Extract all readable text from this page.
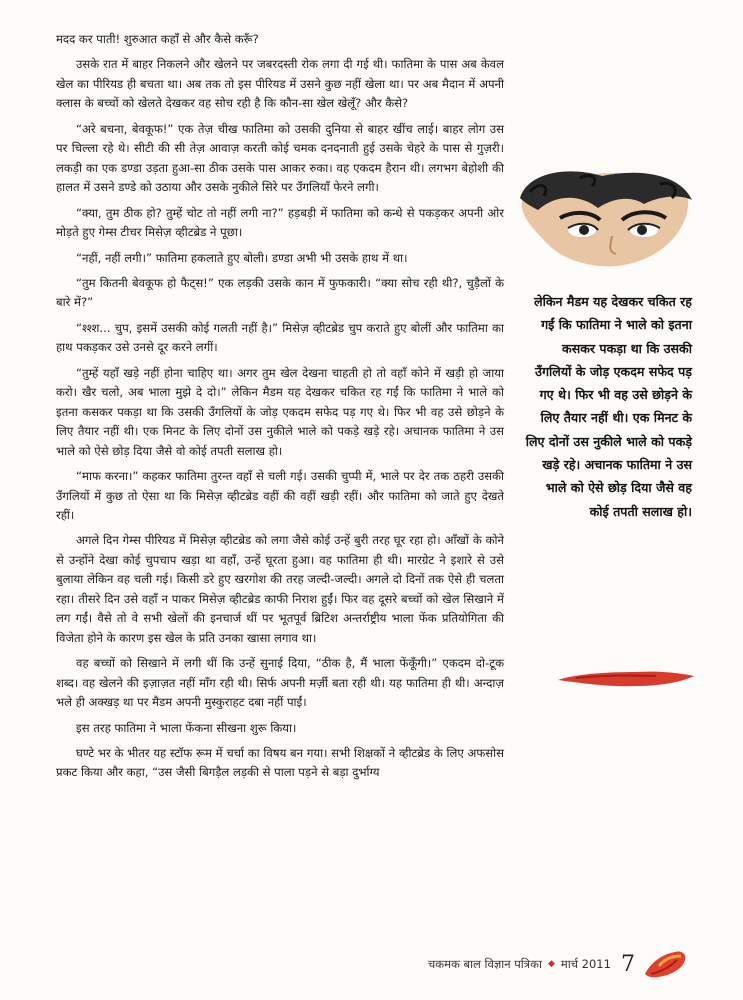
मदद कर पाती! शुरुआत कहाँ से और कैसे करूँ?

उसके रात में बाहर निकलने और खेलने पर जबरदस्ती रोक लगा दी गई थी। फातिमा के पास अब केवल खेल का पीरियड ही बचता था। अब तक तो इस पीरियड में उसने कुछ नहीं खेला था। पर अब मैदान में अपनी क्लास के बच्चों को खेलते देखकर वह सोच रही है कि कौन-सा खेल खेलूँ? और कैसे?

“अरे बचना, बेवकूफ!” एक तेज़ चीख फातिमा को उसकी दुनिया से बाहर खींच लाई। बाहर लोग उस पर चिल्ला रहे थे। सीटी की सी तेज़ आवाज़ करती कोई चमक दनदनाती हुई उसके चेहरे के पास से गुज़री। लकड़ी का एक डण्डा उड़ता हुआ-सा ठीक उसके पास आकर रुका। वह एकदम हैरान थी। लगभग बेहोशी की हालत में उसने डण्डे को उठाया और उसके नुकीले सिरे पर उँगलियाँ फेरने लगी।

“क्या, तुम ठीक हो? तुम्हें चोट तो नहीं लगी ना?” हड़बड़ी में फातिमा को कन्धे से पकड़कर अपनी ओर मोड़ते हुए गेम्स टीचर मिसेज़ व्हीटब्रेड ने पूछा।

“नहीं, नहीं लगी।” फातिमा हकलाते हुए बोली। डण्डा अभी भी उसके हाथ में था।

“तुम कितनी बेवकूफ हो फैट्स!” एक लड़की उसके कान में फुफकारी। “क्या सोच रही थी?, चुड़ैलों के बारे में?”

“श्श्श... चुप, इसमें उसकी कोई गलती नहीं है।” मिसेज़ व्हीटब्रेड चुप कराते हुए बोलीं और फातिमा का हाथ पकड़कर उसे उनसे दूर करने लगीं।

“तुम्हें यहाँ खड़े नहीं होना चाहिए था। अगर तुम खेल देखना चाहती हो तो वहाँ कोने में खड़ी हो जाया करो। खैर चलो, अब भाला मुझे दे दो।” लेकिन मैडम यह देखकर चकित रह गईं कि फातिमा ने भाले को इतना कसकर पकड़ा था कि उसकी उँगलियों के जोड़ एकदम सफेद पड़ गए थे। फिर भी वह उसे छोड़ने के लिए तैयार नहीं थी। एक मिनट के लिए दोनों उस नुकीले भाले को पकड़े खड़े रहे। अचानक फातिमा ने उस भाले को ऐसे छोड़ दिया जैसे वो कोई तपती सलाख हो।

“माफ करना।” कहकर फातिमा तुरन्त वहाँ से चली गई। उसकी चुप्पी में, भाले पर देर तक ठहरी उसकी उँगलियों में कुछ तो ऐसा था कि मिसेज़ व्हीटब्रेड वहीं की वहीं खड़ी रहीं। और फातिमा को जाते हुए देखते रहीं।

अगले दिन गेम्स पीरियड में मिसेज़ व्हीटब्रेड को लगा जैसे कोई उन्हें बुरी तरह घूर रहा हो। आँखों के कोने से उन्होंने देखा कोई चुपचाप खड़ा था वहाँ, उन्हें घूरता हुआ। वह फातिमा ही थी। मारग्रेट ने इशारे से उसे बुलाया लेकिन वह चली गई। किसी डरे हुए खरगोश की तरह जल्दी-जल्दी। अगले दो दिनों तक ऐसे ही चलता रहा। तीसरे दिन उसे वहाँ न पाकर मिसेज़ व्हीटब्रेड काफी निराश हुईं। फिर वह दूसरे बच्चों को खेल सिखाने में लग गईं। वैसे तो वे सभी खेलों की इनचार्ज थीं पर भूतपूर्व ब्रिटिश अन्तर्राष्ट्रीय भाला फेंक प्रतियोगिता की विजेता होने के कारण इस खेल के प्रति उनका खासा लगाव था।

वह बच्चों को सिखाने में लगी थीं कि उन्हें सुनाई दिया, “ठीक है, मैं भाला फेंकूँगी।” एकदम दो-टूक शब्द। वह खेलने की इज़ाज़त नहीं माँग रही थी। सिर्फ अपनी मर्ज़ी बता रही थी। यह फातिमा ही थी। अन्दाज़ भले ही अक्खड़ था पर मैडम अपनी मुस्कुराहट दबा नहीं पाईं।

इस तरह फातिमा ने भाला फेंकना सीखना शुरू किया।

घण्टे भर के भीतर यह स्टॉफ रूम में चर्चा का विषय बन गया। सभी शिक्षकों ने व्हीटब्रेड के लिए अफसोस प्रकट किया और कहा, “उस जैसी बिगड़ैल लड़की से पाला पड़ने से बड़ा दुर्भाग्य

लेकिन मैडम यह देखकर चकित रह गईं कि फातिमा ने भाले को इतना कसकर पकड़ा था कि उसकी उँगलियों के जोड़ एकदम सफेद पड़ गए थे। फिर भी वह उसे छोड़ने के लिए तैयार नहीं थी। एक मिनट के लिए दोनों उस नुकीले भाले को पकड़े खड़े रहे। अचानक फातिमा ने उस भाले को ऐसे छोड़ दिया जैसे वह कोई तपती सलाख हो।
चकमक बाल विज्ञान पत्रिका ◆ मार्च 2011 7
